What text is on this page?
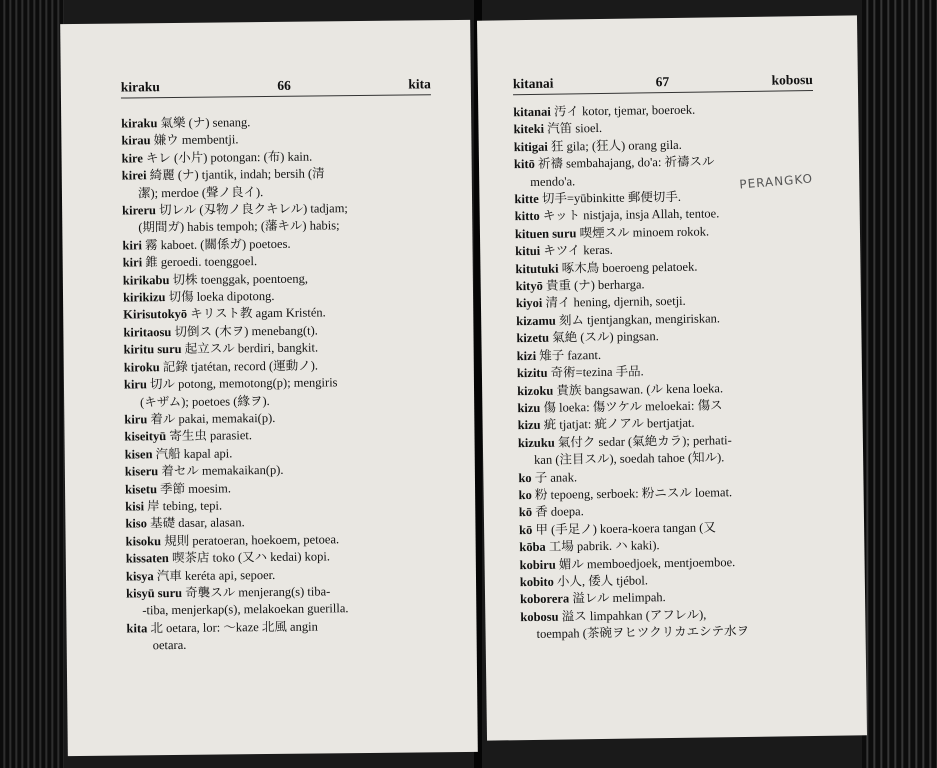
kiraku	66	kita
kiraku 氣樂 (ナ) senang.
kirau 嫌ウ membentji.
kire キレ (小片) potongan: (布) kain.
kirei 綺麗 (ナ) tjantik, indah; bersih (清
潔); merdoe (聲ノ良イ).
kireru 切レル (刄物ノ良クキレル) tadjam;
(期間ガ) habis tempoh; (藩キル) habis;
kiri 霧 kaboet. (關係ガ) poetoes.
kiri 錐 geroedi. toenggoel.
kirikabu 切株 toenggak, poentoeng,
kirikizu 切傷 loeka dipotong.
Kirisutokyō キリスト教 agam Kristén.
kiritaosu 切倒ス (木ヲ) menebang(t).
kiritu suru 起立スル berdiri, bangkit.
kiroku 記錄 tjatétan, record (運動ノ).
kiru 切ル potong, memotong(p); mengiris
(キザム); poetoes (緣ヲ).
kiru 着ル pakai, memakai(p).
kiseityū 寄生虫 parasiet.
kisen 汽船 kapal api.
kiseru 着セル memakaikan(p).
kisetu 季節 moesim.
kisi 岸 tebing, tepi.
kiso 基礎 dasar, alasan.
kisoku 規則 peratoeran, hoekoem, petoea.
kissaten 喫茶店 toko (又ハ kedai) kopi.
kisya 汽車 keréta api, sepoer.
kisyū suru 奇襲スル menjerang(s) tiba-
-tiba, menjerkap(s), melakoekan guerilla.
kita 北 oetara, lor: ～kaze 北風 angin
oetara.
kitanai	67	kobosu
kitanai 汚イ kotor, tjemar, boeroek.
kiteki 汽笛 sioel.
kitigai 狂 gila; (狂人) orang gila.
kitō 祈禱 sembahajang, do'a: 祈禱スル
mendo'a.
kitte 切手=yūbinkitte 郵便切手.
kitto キット nistjaja, insja Allah, tentoe.
kituen suru 喫煙スル minoem rokok.
kitui キツイ keras.
kitutuki 啄木鳥 boeroeng pelatoek.
kityō 貴重 (ナ) berharga.
kiyoi 清イ hening, djernih, soetji.
kizamu 刻ム tjentjangkan, mengiriskan.
kizetu 氣絶 (スル) pingsan.
kizi 雉子 fazant.
kizitu 奇術=tezina 手品.
kizoku 貴族 bangsawan. (ル kena loeka.
kizu 傷 loeka: 傷ツケル meloekai: 傷ス
kizu 疵 tjatjat: 疵ノアル bertjatjat.
kizuku 氣付ク sedar (氣絶カラ); perhati-
kan (注目スル), soedah tahoe (知ル).
ko 子 anak.
ko 粉 tepoeng, serboek: 粉ニスル loemat.
kō 香 doepa.
kō 甲 (手足ノ) koera-koera tangan (又
kōba 工場 pabrik. ハ kaki).
kobiru 媚ル memboedjoek, mentjoemboe.
kobito 小人, 倭人 tjébol.
koborera 溢レル melimpah.
kobosu 溢ス limpahkan (アフレル),
toempah (茶碗ヲヒツクリカエシテ水ヲ
PERANGKO
